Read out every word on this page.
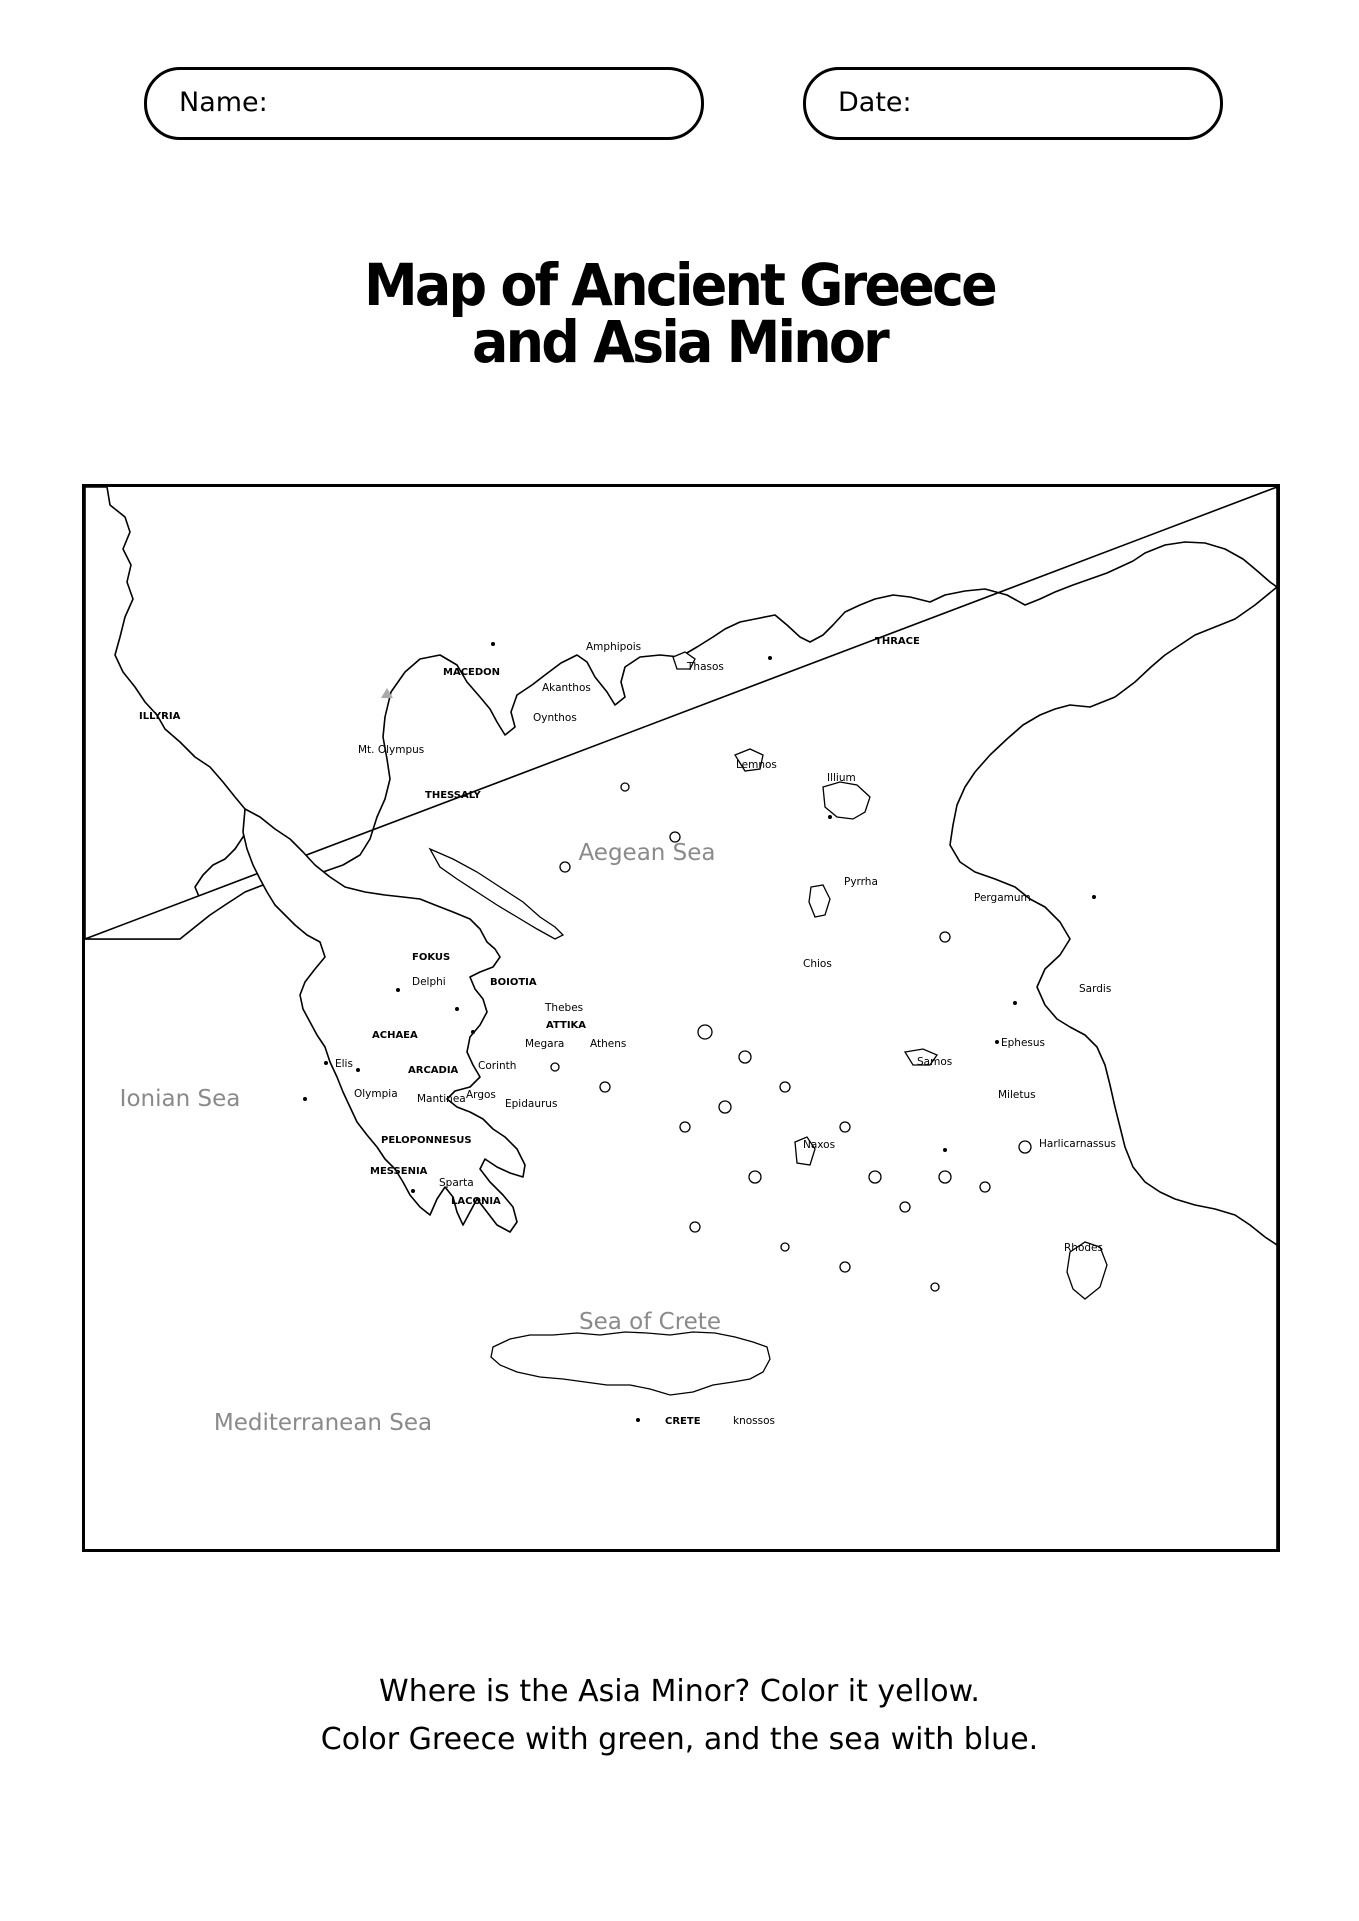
Name:	Date:
Map of Ancient Greece
and Asia Minor
Aegean Sea
Ionian Sea
Sea of Crete
Mediterranean Sea
ILLYRIA
MACEDON
THESSALY
THRACE
FOKUS
BOIOTIA
ATTIKA
ACHAEA
ARCADIA
PELOPONNESUS
MESSENIA
LACONIA
CRETE
Amphipois
Thasos
Akanthos
Oynthos
Mt. Olympus
Lemnos
Illium
Pyrrha
Pergamum
Chios
Sardis
Ephesus
Samos
Miletus
Harlicarnassus
Naxos
Rhodes
knossos
Delphi
Thebes
Megara Athens
Corinth
Elis
Olympia Mantinea Argos
Epidaurus
Sparta
Where is the Asia Minor? Color it yellow.
Color Greece with green, and the sea with blue.
